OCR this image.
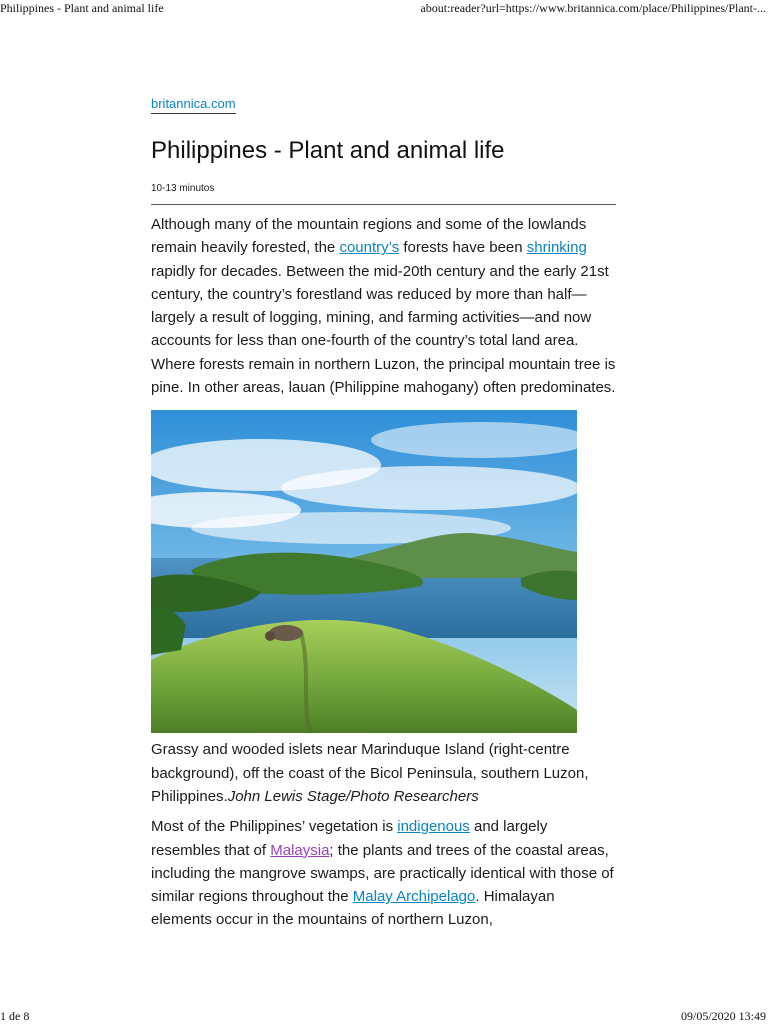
Philippines - Plant and animal life	about:reader?url=https://www.britannica.com/place/Philippines/Plant-...
britannica.com
Philippines - Plant and animal life
10-13 minutos

Although many of the mountain regions and some of the lowlands remain heavily forested, the country’s forests have been shrinking rapidly for decades. Between the mid-20th century and the early 21st century, the country’s forestland was reduced by more than half—largely a result of logging, mining, and farming activities—and now accounts for less than one-fourth of the country’s total land area. Where forests remain in northern Luzon, the principal mountain tree is pine. In other areas, lauan (Philippine mahogany) often predominates.

Grassy and wooded islets near Marinduque Island (right-centre background), off the coast of the Bicol Peninsula, southern Luzon, Philippines.John Lewis Stage/Photo Researchers

Most of the Philippines’ vegetation is indigenous and largely resembles that of Malaysia; the plants and trees of the coastal areas, including the mangrove swamps, are practically identical with those of similar regions throughout the Malay Archipelago. Himalayan elements occur in the mountains of northern Luzon,

1 de 8	09/05/2020 13:49
